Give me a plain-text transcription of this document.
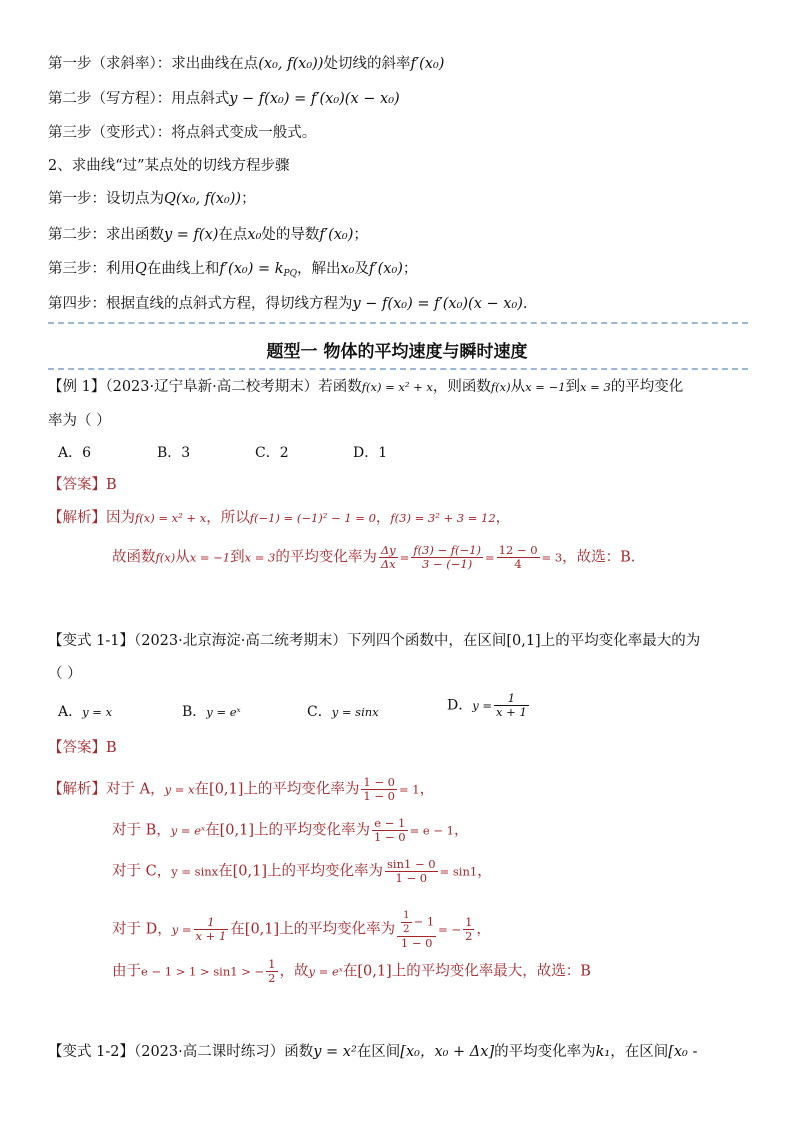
第一步（求斜率）：求出曲线在点(x₀, f(x₀))处切线的斜率f′(x₀)
第二步（写方程）：用点斜式y − f(x₀) = f′(x₀)(x − x₀)
第三步（变形式）：将点斜式变成一般式。
2、求曲线“过”某点处的切线方程步骤
第一步：设切点为Q(x₀, f(x₀))；
第二步：求出函数y = f(x)在点x₀处的导数f′(x₀)；
第三步：利用Q在曲线上和$f'(x_0) = k_{PQ}$，解出x₀及f′(x₀)；
第四步：根据直线的点斜式方程，得切线方程为y − f(x₀) = f′(x₀)(x − x₀).
题型一 物体的平均速度与瞬时速度
【例 1】（2023·辽宁阜新·高二校考期末）若函数f(x) = x² + x，则函数f(x)从x = −1到x = 3的平均变化
率为（ ）
A．6	B．3	C．2	D．1
【答案】B
【解析】因为f(x) = x² + x，所以f(−1) = (−1)² − 1 = 0，f(3) = 3² + 3 = 12，
故函数f(x)从x = −1到x = 3的平均变化率为 $\frac{\Delta y}{\Delta x} = \frac{f(3) - f(-1)}{3 - (-1)} = \frac{12 - 0}{4} = 3$，故选：B.
【变式 1-1】（2023·北京海淀·高二统考期末）下列四个函数中，在区间[0,1]上的平均变化率最大的为
（ ）
A．y = x	B．y = eˣ	C．y = sinx	D．$y = \frac{1}{x + 1}$
【答案】B
【解析】对于 A，y = x在[0,1]上的平均变化率为 $\frac{1 - 0}{1 - 0} = 1$，
对于 B，y = eˣ在[0,1]上的平均变化率为 $\frac{e - 1}{1 - 0} = e - 1$，
对于 C，y = sinx在[0,1]上的平均变化率为 $\frac{\sin 1 - 0}{1 - 0} = \sin 1$，
对于 D，$y = \frac{1}{x + 1}$ 在[0,1]上的平均变化率为 $\frac{\frac{1}{2} - 1}{1 - 0}$ = − $\frac{1}{2}$ ，
由于e − 1 > 1 > sin1 > − $\frac{1}{2}$ ，故y = eˣ在[0,1]上的平均变化率最大，故选：B
【变式 1-2】（2023·高二课时练习）函数y = x²在区间[x₀，x₀ + Δx]的平均变化率为k₁，在区间[x₀ -
